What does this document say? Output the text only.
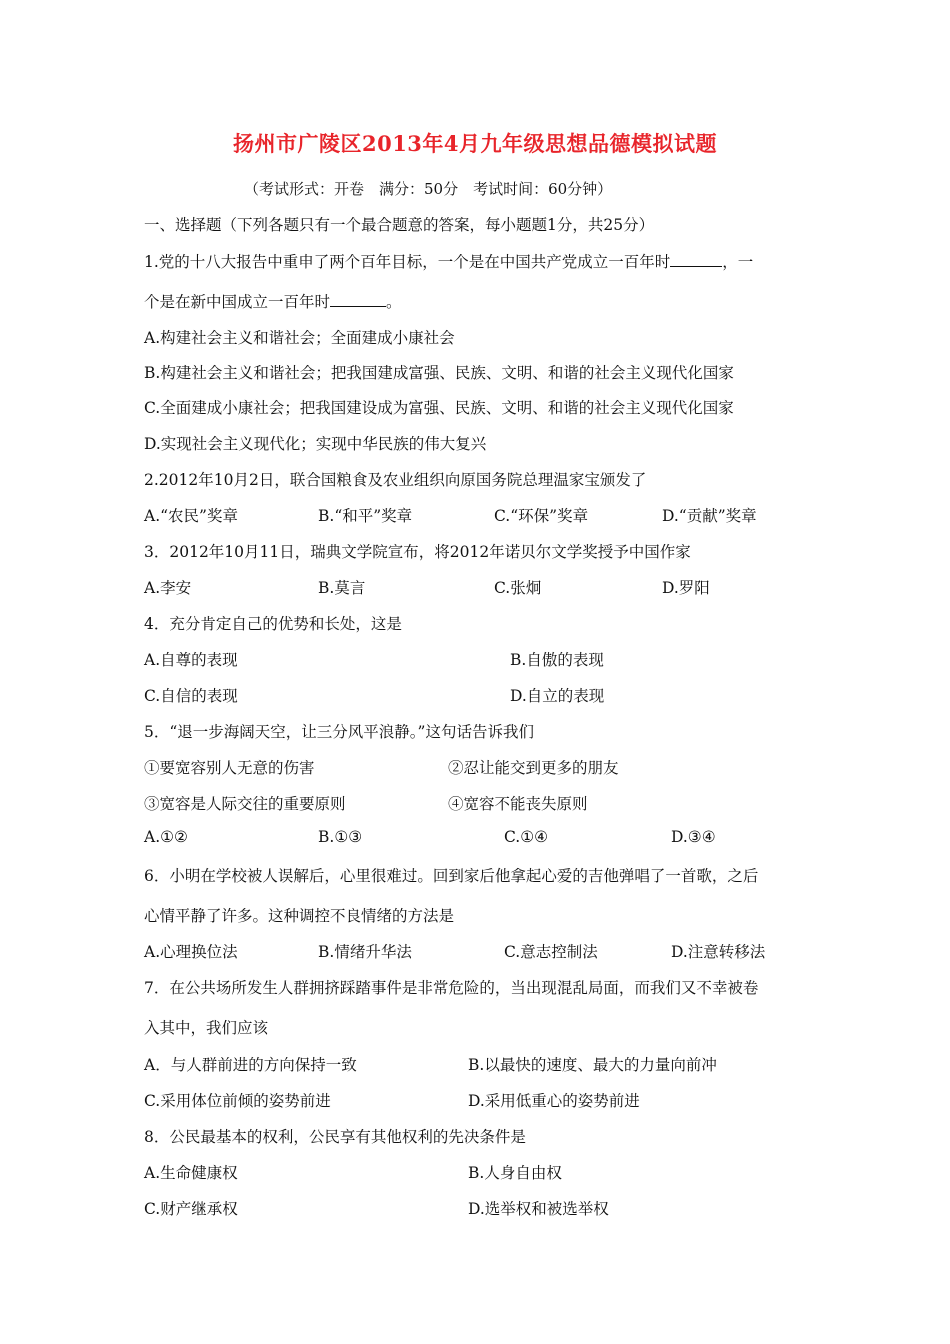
扬州市广陵区2013年4月九年级思想品德模拟试题
（考试形式：开卷　满分：50分　考试时间：60分钟）
一、选择题（下列各题只有一个最合题意的答案，每小题题1分，共25分）
1.党的十八大报告中重申了两个百年目标，一个是在中国共产党成立一百年时	，一
个是在新中国成立一百年时	。
A.构建社会主义和谐社会；全面建成小康社会
B.构建社会主义和谐社会；把我国建成富强、民族、文明、和谐的社会主义现代化国家
C.全面建成小康社会；把我国建设成为富强、民族、文明、和谐的社会主义现代化国家
D.实现社会主义现代化；实现中华民族的伟大复兴
2.2012年10月2日，联合国粮食及农业组织向原国务院总理温家宝颁发了
A.“农民”奖章	B.“和平”奖章	C.“环保”奖章	D.“贡献”奖章
3．2012年10月11日，瑞典文学院宣布，将2012年诺贝尔文学奖授予中国作家
A.李安	B.莫言	C.张炯	D.罗阳
4．充分肯定自己的优势和长处，这是
A.自尊的表现	B.自傲的表现
C.自信的表现	D.自立的表现
5．“退一步海阔天空，让三分风平浪静。”这句话告诉我们
①要宽容别人无意的伤害	②忍让能交到更多的朋友
③宽容是人际交往的重要原则	④宽容不能丧失原则
A.①②	B.①③	C.①④	D.③④
6．小明在学校被人误解后，心里很难过。回到家后他拿起心爱的吉他弹唱了一首歌，之后
心情平静了许多。这种调控不良情绪的方法是
A.心理换位法	B.情绪升华法	C.意志控制法	D.注意转移法
7．在公共场所发生人群拥挤踩踏事件是非常危险的，当出现混乱局面，而我们又不幸被卷
入其中，我们应该
A．与人群前进的方向保持一致	B.以最快的速度、最大的力量向前冲
C.采用体位前倾的姿势前进	D.采用低重心的姿势前进
8．公民最基本的权利，公民享有其他权利的先决条件是
A.生命健康权	B.人身自由权
C.财产继承权	D.选举权和被选举权
